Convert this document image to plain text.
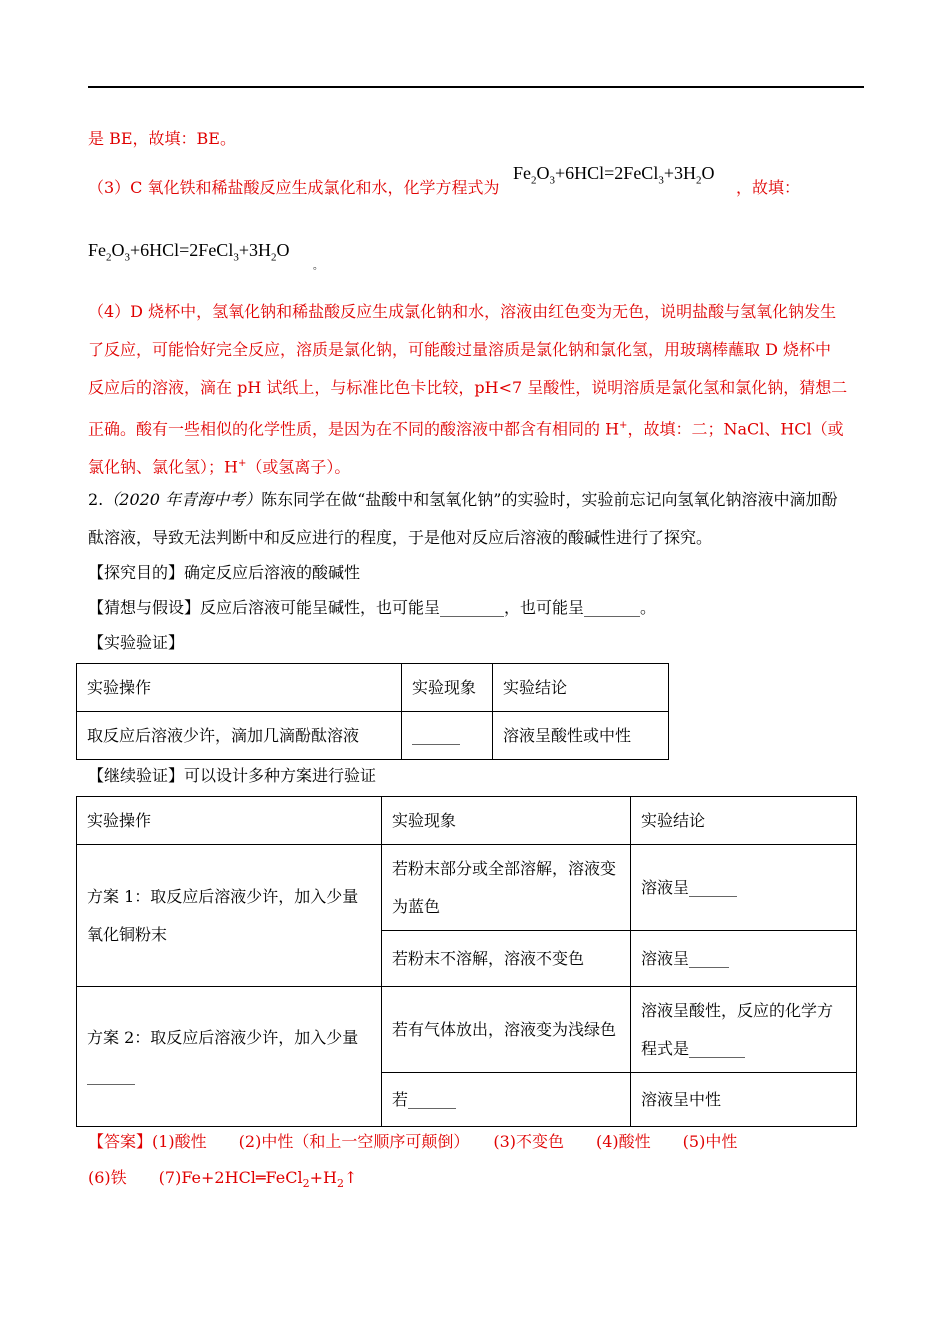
是 BE，故填：BE。
（3）C 氧化铁和稀盐酸反应生成氯化和水，化学方程式为
$Fe_2O_3+6HCl=2FeCl_3+3H_2O$
，故填：
$Fe_2O_3+6HCl=2FeCl_3+3H_2O$
。
（4）D 烧杯中，氢氧化钠和稀盐酸反应生成氯化钠和水，溶液由红色变为无色，说明盐酸与氢氧化钠发生
了反应，可能恰好完全反应，溶质是氯化钠，可能酸过量溶质是氯化钠和氯化氢，用玻璃棒蘸取 D 烧杯中
反应后的溶液，滴在 pH 试纸上，与标准比色卡比较，pH<7 呈酸性，说明溶质是氯化氢和氯化钠，猜想二
正确。酸有一些相似的化学性质，是因为在不同的酸溶液中都含有相同的 H+，故填：二；NaCl、HCl（或
氯化钠、氯化氢）；H+（或氢离子）。
2.（2020 年青海中考）陈东同学在做“盐酸中和氢氧化钠”的实验时，实验前忘记向氢氧化钠溶液中滴加酚
酞溶液，导致无法判断中和反应进行的程度，于是他对反应后溶液的酸碱性进行了探究。
【探究目的】确定反应后溶液的酸碱性
【猜想与假设】反应后溶液可能呈碱性，也可能呈________，也可能呈_______。
【实验验证】
实验操作	实验现象	实验结论
取反应后溶液少许，滴加几滴酚酞溶液	______	溶液呈酸性或中性
【继续验证】可以设计多种方案进行验证
实验操作	实验现象	实验结论
方案 1：取反应后溶液少许，加入少量氧化铜粉末	若粉末部分或全部溶解，溶液变为蓝色	溶液呈______
	若粉末不溶解，溶液不变色	溶液呈_____
方案 2：取反应后溶液少许，加入少量______	若有气体放出，溶液变为浅绿色	溶液呈酸性，反应的化学方程式是_______
	若______	溶液呈中性
【答案】(1)酸性　　(2)中性（和上一空顺序可颠倒）　　(3)不变色　　(4)酸性　　(5)中性
(6)铁　　$(7)Fe+2HCl═FeCl_2+H_2↑$
